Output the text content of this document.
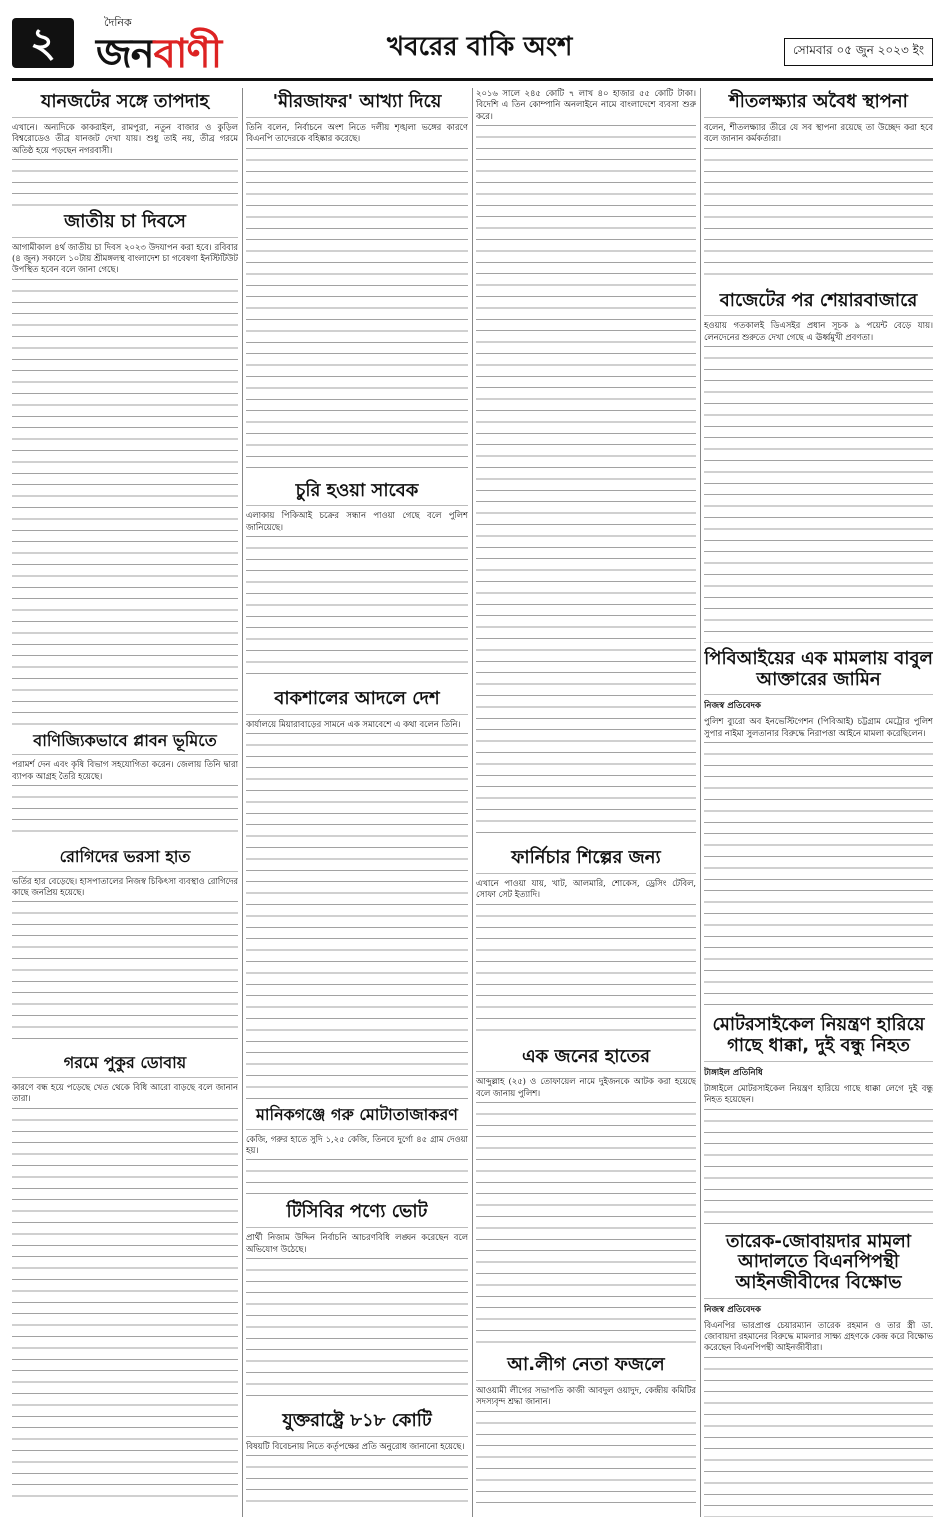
২	দৈনিক
জনবাণী	খবরের বাকি অংশ	সোমবার ০৫ জুন ২০২৩ ইং
যানজটের সঙ্গে তাপদাহ

এখানে। অন্যদিকে কাকরাইল, রামপুরা, নতুন বাজার ও কুড়িল বিশ্বরোডেও তীব্র যানজট দেখা যায়। শুধু তাই নয়, তীব্র গরমে অতিষ্ঠ হয়ে পড়ছেন নগরবাসী।

জাতীয় চা দিবসে

আগামীকাল ৪র্থ জাতীয় চা দিবস ২০২৩ উদযাপন করা হবে। রবিবার (৪ জুন) সকালে ১০টায় শ্রীমঙ্গলস্থ বাংলাদেশ চা গবেষণা ইনস্টিটিউট উপস্থিত হবেন বলে জানা গেছে।

বাণিজ্যিকভাবে প্লাবন ভূমিতে

পরামর্শ দেন এবং কৃষি বিভাগ সহযোগিতা করেন। জেলায় তিনি দ্বারা ব্যাপক আগ্রহ তৈরি হয়েছে।

রোগিদের ভরসা হাত

ভর্তির হার বেড়েছে। হাসপাতালের নিজস্ব চিকিৎসা ব্যবস্থাও রোগিদের কাছে জনপ্রিয় হয়েছে।

গরমে পুকুর ডোবায়

কারণে বন্ধ হয়ে পড়েছে খেত থেকে বিধি আরো বাড়ছে বলে জানান তারা।

'মীরজাফর' আখ্যা দিয়ে

তিনি বলেন, নির্বাচনে অংশ নিতে দলীয় শৃঙ্খলা ভঙ্গের কারণে বিএনপি তাদেরকে বহিষ্কার করেছে।

চুরি হওয়া সাবেক

এলাকায় পিকিআই চক্রের সন্ধান পাওয়া গেছে বলে পুলিশ জানিয়েছে।

বাকশালের আদলে দেশ

কার্যালয়ে মিয়ারাবাড়ের সামনে এক সমাবেশে এ কথা বলেন তিনি।

মানিকগঞ্জে গরু মোটাতাজাকরণ

কেজি, গরুর হাতে সুদি ১,২৫ কেজি, তিনবে দুর্গো ৪৫ গ্রাম দেওয়া হয়।

টিসিবির পণ্যে ভোট

প্রার্থী নিজাম উদ্দিন নির্বাচনি আচরণবিধি লঙ্ঘন করেছেন বলে অভিযোগ উঠেছে।

যুক্তরাষ্ট্রে ৮১৮ কোটি

বিষয়টি বিবেচনায় নিতে কর্তৃপক্ষের প্রতি অনুরোধ জানানো হয়েছে।

২০১৬ সালে ২৪৫ কোটি ৭ লাখ ৪০ হাজার ৫৫ কোটি টাকা। বিদেশি এ তিন কোম্পানি অনলাইনে নামে বাংলাদেশে ব্যবসা শুরু করে।

ফার্নিচার শিল্পের জন্য

এখানে পাওয়া যায়, খাট, আলমারি, শোকেস, ড্রেসিং টেবিল, সোফা সেট ইত্যাদি।

এক জনের হাতের

আব্দুল্লাহ (২৫) ও তোফায়েল নামে দুইজনকে আটক করা হয়েছে বলে জানায় পুলিশ।

আ.লীগ নেতা ফজলে

আওয়ামী লীগের সভাপতি কাজী আবদুল ওয়াদুদ, কেন্দ্রীয় কমিটির সদস্যবৃন্দ শ্রদ্ধা জানান।

শীতলক্ষ্যার অবৈধ স্থাপনা

বলেন, শীতলক্ষ্যার তীরে যে সব স্থাপনা রয়েছে তা উচ্ছেদ করা হবে বলে জানান কর্মকর্তারা।

বাজেটের পর শেয়ারবাজারে

হওয়ায় গতকালই ডিএসইর প্রধান সূচক ৯ পয়েন্ট বেড়ে যায়। লেনদেনের শুরুতে দেখা গেছে এ ঊর্ধ্বমুখী প্রবণতা।

পিবিআইয়ের এক মামলায় বাবুল আক্তারের জামিন
নিজস্ব প্রতিবেদক

পুলিশ ব্যুরো অব ইনভেস্টিগেশন (পিবিআই) চট্টগ্রাম মেট্রোর পুলিশ সুপার নাইমা সুলতানার বিরুদ্ধে নিরাপত্তা আইনে মামলা করেছিলেন।

মোটরসাইকেল নিয়ন্ত্রণ হারিয়ে গাছে ধাক্কা, দুই বন্ধু নিহত
টাঙ্গাইল প্রতিনিধি

টাঙ্গাইলে মোটরসাইকেল নিয়ন্ত্রণ হারিয়ে গাছে ধাক্কা লেগে দুই বন্ধু নিহত হয়েছেন।

তারেক-জোবায়দার মামলা আদালতে বিএনপিপন্থী আইনজীবীদের বিক্ষোভ
নিজস্ব প্রতিবেদক

বিএনপির ভারপ্রাপ্ত চেয়ারম্যান তারেক রহমান ও তার স্ত্রী ডা. জোবায়দা রহমানের বিরুদ্ধে মামলার সাক্ষ্য গ্রহণকে কেন্দ্র করে বিক্ষোভ করেছেন বিএনপিপন্থী আইনজীবীরা।
